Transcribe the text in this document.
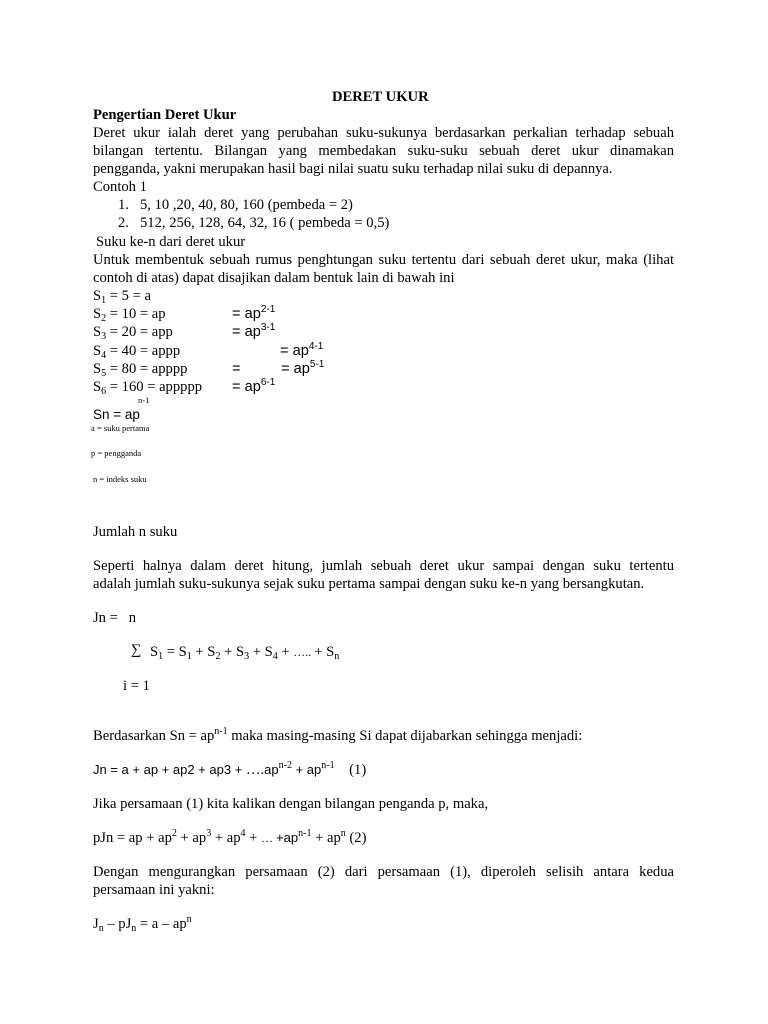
DERET UKUR
Pengertian Deret Ukur
Deret ukur ialah deret yang perubahan suku-sukunya berdasarkan perkalian terhadap sebuah
bilangan tertentu. Bilangan yang membedakan suku-suku sebuah deret ukur dinamakan
pengganda, yakni merupakan hasil bagi nilai suatu suku terhadap nilai suku di depannya.
Contoh 1
1. 5, 10 ,20, 40, 80, 160 (pembeda = 2)
2. 512, 256, 128, 64, 32, 16 ( pembeda = 0,5)
Suku ke-n dari deret ukur
Untuk membentuk sebuah rumus penghtungan suku tertentu dari sebuah deret ukur, maka (lihat
contoh di atas) dapat disajikan dalam bentuk lain di bawah ini
$S_1 = 5 = a$
$S_2 = 10$ = ap	= $ap^{2-1}$
$S_3 = 20$ = app	= $ap^{3-1}$
$S_4 = 40$ = appp	= $ap^{4-1}$
$S_5 = 80$ = apppp	=          = $ap^{5-1}$
$S_6 = 160$ = appppp = $ap^{6-1}$
n-1
Sn = ap
a = suku pertama
p = pengganda
n = indeks suku
Jumlah n suku
Seperti halnya dalam deret hitung, jumlah sebuah deret ukur sampai dengan suku tertentu
adalah jumlah suku-sukunya sejak suku pertama sampai dengan suku ke-n yang bersangkutan.
Jn =   n
∑ $S_1 = S_1 + S_2 + S_3 + S_4$ + ….. + $S_n$
i = 1
Berdasarkan $Sn = ap^{n-1}$ maka masing-masing Si dapat dijabarkan sehingga menjadi:
Jn = a + ap + $ap2 + ap3 + \dots.ap^{n-2} + ap^{n-1}$    (1)
Jika persamaan (1) kita kalikan dengan bilangan penganda p, maka,
pJn = ap + $ap^2 + ap^3 + ap^4$ + … $+ap^{n-1} + ap^n$ (2)
Dengan mengurangkan persamaan (2) dari persamaan (1), diperoleh selisih antara kedua
persamaan ini yakni:
$J_n - pJ_n = a - ap^n$
